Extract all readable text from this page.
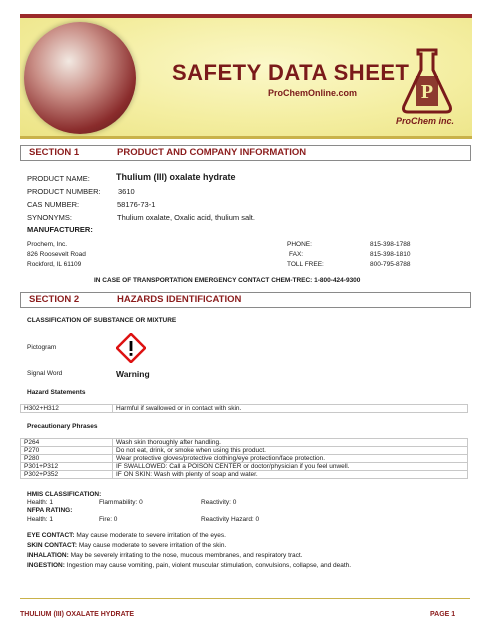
SAFETY DATA SHEET
ProChemOnline.com	P
ProChem inc.
SECTION 1	PRODUCT AND COMPANY INFORMATION
PRODUCT NAME:	Thulium (III) oxalate hydrate
PRODUCT NUMBER: 3610
CAS NUMBER:	58176-73-1
SYNONYMS:	Thulium oxalate, Oxalic acid, thulium salt.
MANUFACTURER:
Prochem, Inc.
826 Roosevelt Road
Rockford, IL 61109
PHONE:	815-398-1788
FAX:	815-398-1810
TOLL FREE:	800-795-8788
IN CASE OF TRANSPORTATION EMERGENCY CONTACT CHEM-TREC: 1-800-424-9300
SECTION 2	HAZARDS IDENTIFICATION
CLASSIFICATION OF SUBSTANCE OR MIXTURE
Pictogram
Signal Word	Warning
Hazard Statements
H302+H312	Harmful if swallowed or in contact with skin.
Precautionary Phrases
P264	Wash skin thoroughly after handling.
P270	Do not eat, drink, or smoke when using this product.
P280	Wear protective gloves/protective clothing/eye protection/face protection.
P301+P312	IF SWALLOWED: Call a POISON CENTER or doctor/physician if you feel unwell.
P302+P352	IF ON SKIN: Wash with plenty of soap and water.
HMIS CLASSIFICATION:
Health: 1	Flammability: 0	Reactivity: 0
NFPA RATING:
Health: 1	Fire: 0	Reactivity Hazard: 0
EYE CONTACT: May cause moderate to severe irritation of the eyes.
SKIN CONTACT: May cause moderate to severe irritation of the skin.
INHALATION: May be severely irritating to the nose, mucous membranes, and respiratory tract.
INGESTION: Ingestion may cause vomiting, pain, violent muscular stimulation, convulsions, collapse, and death.
THULIUM (III) OXALATE HYDRATE	PAGE 1
